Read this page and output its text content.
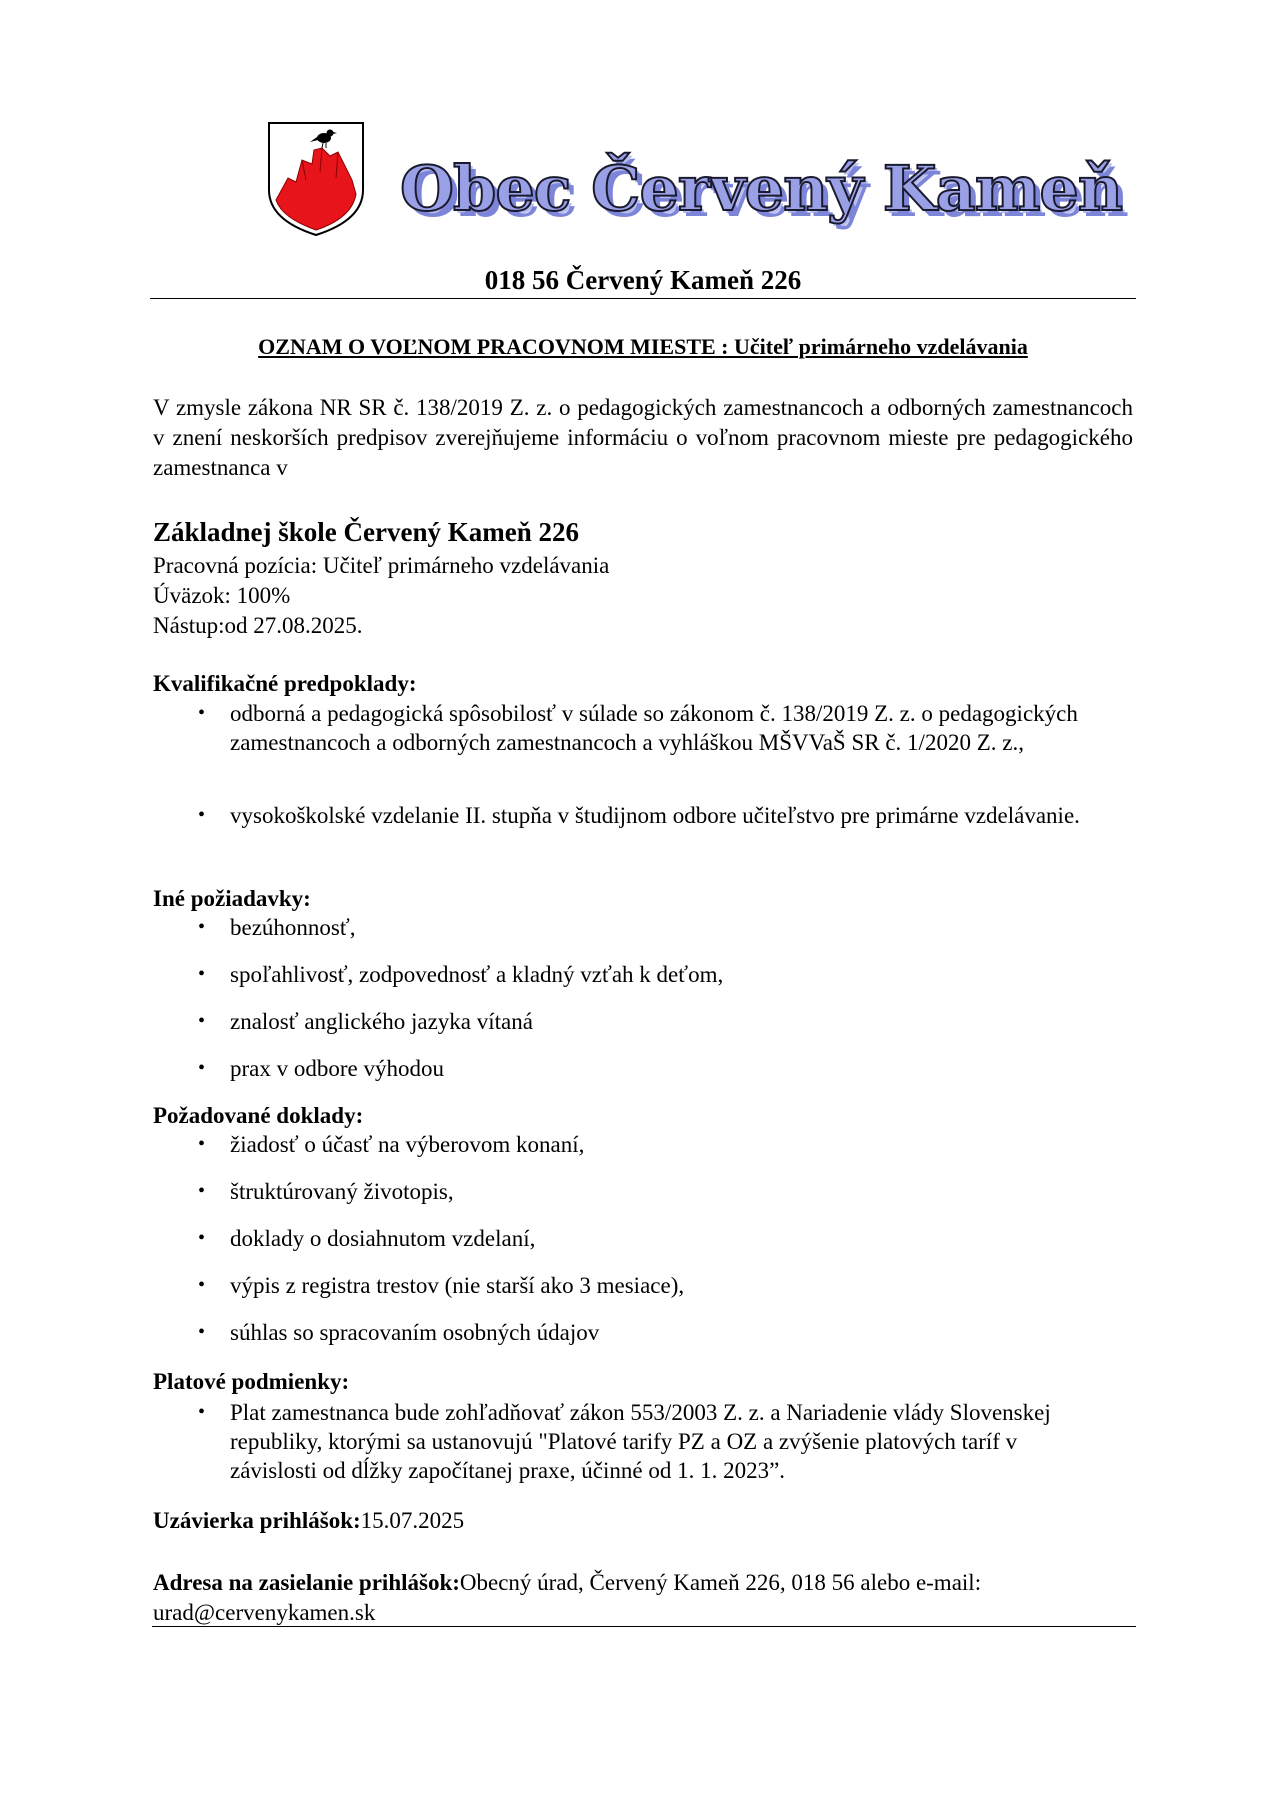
Obec Červený Kameň
018 56 Červený Kameň 226
OZNAM O VOĽNOM PRACOVNOM MIESTE : Učiteľ primárneho vzdelávania
V zmysle zákona NR SR č. 138/2019 Z. z. o pedagogických zamestnancoch a odborných zamestnancoch v znení neskorších predpisov zverejňujeme informáciu o voľnom pracovnom mieste pre pedagogického zamestnanca v
Základnej škole Červený Kameň 226
Pracovná pozícia: Učiteľ primárneho vzdelávania
Úväzok: 100%
Nástup:od 27.08.2025.
Kvalifikačné predpoklady:
• odborná a pedagogická spôsobilosť v súlade so zákonom č. 138/2019 Z. z. o pedagogických zamestnancoch a odborných zamestnancoch a vyhláškou MŠVVaŠ SR č. 1/2020 Z. z.,
• vysokoškolské vzdelanie II. stupňa v študijnom odbore učiteľstvo pre primárne vzdelávanie.
Iné požiadavky:
• bezúhonnosť,
• spoľahlivosť, zodpovednosť a kladný vzťah k deťom,
• znalosť anglického jazyka vítaná
• prax v odbore výhodou
Požadované doklady:
• žiadosť o účasť na výberovom konaní,
• štruktúrovaný životopis,
• doklady o dosiahnutom vzdelaní,
• výpis z registra trestov (nie starší ako 3 mesiace),
• súhlas so spracovaním osobných údajov
Platové podmienky:
• Plat zamestnanca bude zohľadňovať zákon 553/2003 Z. z. a Nariadenie vlády Slovenskej republiky, ktorými sa ustanovujú "Platové tarify PZ a OZ a zvýšenie platových taríf v závislosti od dĺžky započítanej praxe, účinné od 1. 1. 2023”.
Uzávierka prihlášok:15.07.2025
Adresa na zasielanie prihlášok:Obecný úrad, Červený Kameň 226, 018 56 alebo e-mail:
urad@cervenykamen.sk
